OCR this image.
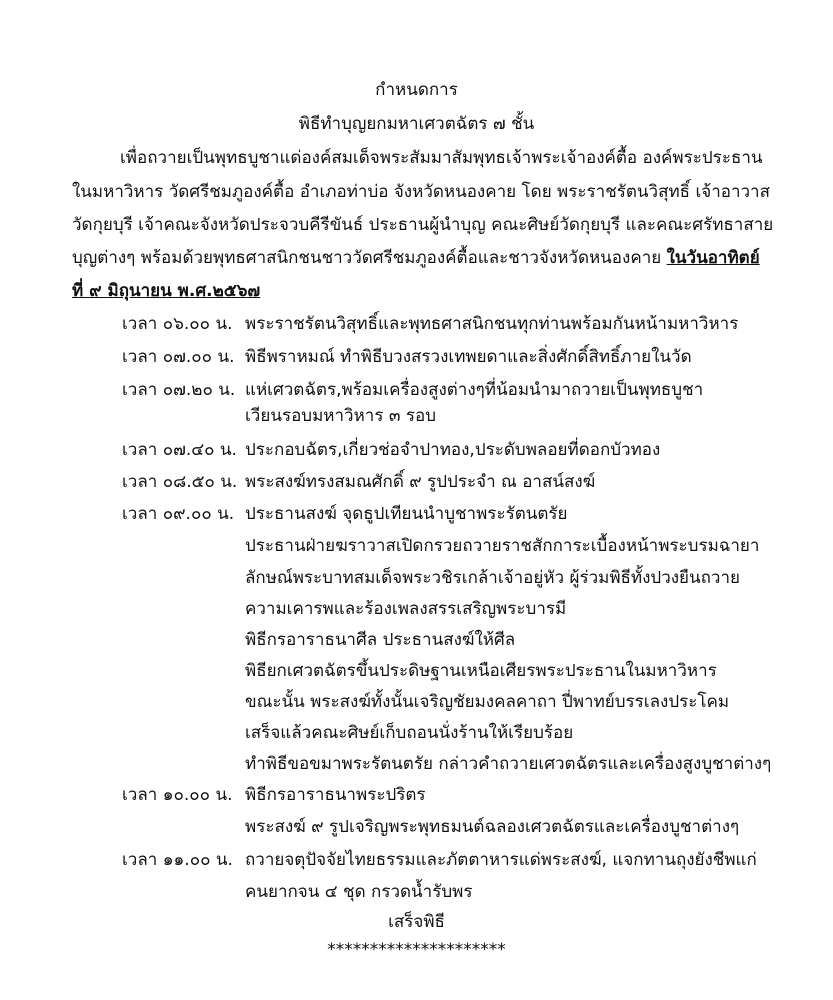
กำหนดการ
พิธีทำบุญยกมหาเศวตฉัตร ๗ ชั้น
เพื่อถวายเป็นพุทธบูชาแด่องค์สมเด็จพระสัมมาสัมพุทธเจ้าพระเจ้าองค์ตื้อ องค์พระประธาน
ในมหาวิหาร วัดศรีชมภูองค์ตื้อ อำเภอท่าบ่อ จังหวัดหนองคาย โดย พระราชรัตนวิสุทธิ์ เจ้าอาวาส
วัดกุยบุรี เจ้าคณะจังหวัดประจวบคีรีขันธ์ ประธานผู้นำบุญ คณะศิษย์วัดกุยบุรี และคณะศรัทธาสาย
บุญต่างๆ พร้อมด้วยพุทธศาสนิกชนชาววัดศรีชมภูองค์ตื้อและชาวจังหวัดหนองคาย ในวันอาทิตย์
ที่ ๙ มิถุนายน พ.ศ.๒๕๖๗
เวลา ๐๖.๐๐ น. พระราชรัตนวิสุทธิ์และพุทธศาสนิกชนทุกท่านพร้อมกันหน้ามหาวิหาร
เวลา ๐๗.๐๐ น. พิธีพราหมณ์ ทำพิธีบวงสรวงเทพยดาและสิ่งศักดิ์สิทธิ์ภายในวัด
เวลา ๐๗.๒๐ น. แห่เศวตฉัตร,พร้อมเครื่องสูงต่างๆที่น้อมนำมาถวายเป็นพุทธบูชา
เวียนรอบมหาวิหาร ๓ รอบ
เวลา ๐๗.๔๐ น. ประกอบฉัตร,เกี่ยวช่อจำปาทอง,ประดับพลอยที่ดอกบัวทอง
เวลา ๐๘.๕๐ น. พระสงฆ์ทรงสมณศักดิ์ ๙ รูปประจำ ณ อาสน์สงฆ์
เวลา ๐๙.๐๐ น. ประธานสงฆ์ จุดธูปเทียนนำบูชาพระรัตนตรัย
ประธานฝ่ายฆราวาสเปิดกรวยถวายราชสักการะเบื้องหน้าพระบรมฉายา
ลักษณ์พระบาทสมเด็จพระวชิรเกล้าเจ้าอยู่หัว ผู้ร่วมพิธีทั้งปวงยืนถวาย
ความเคารพและร้องเพลงสรรเสริญพระบารมี
พิธีกรอาราธนาศีล ประธานสงฆ์ให้ศีล
พิธียกเศวตฉัตรขึ้นประดิษฐานเหนือเศียรพระประธานในมหาวิหาร
ขณะนั้น พระสงฆ์ทั้งนั้นเจริญชัยมงคลคาถา ปี่พาทย์บรรเลงประโคม
เสร็จแล้วคณะศิษย์เก็บถอนนั่งร้านให้เรียบร้อย
ทำพิธีขอขมาพระรัตนตรัย กล่าวคำถวายเศวตฉัตรและเครื่องสูงบูชาต่างๆ
เวลา ๑๐.๐๐ น. พิธีกรอาราธนาพระปริตร
พระสงฆ์ ๙ รูปเจริญพระพุทธมนต์ฉลองเศวตฉัตรและเครื่องบูชาต่างๆ
เวลา ๑๑.๐๐ น. ถวายจตุปัจจัยไทยธรรมและภัตตาหารแด่พระสงฆ์, แจกทานถุงยังชีพแก่
คนยากจน ๔ ชุด กรวดน้ำรับพร
เสร็จพิธี
*********************
